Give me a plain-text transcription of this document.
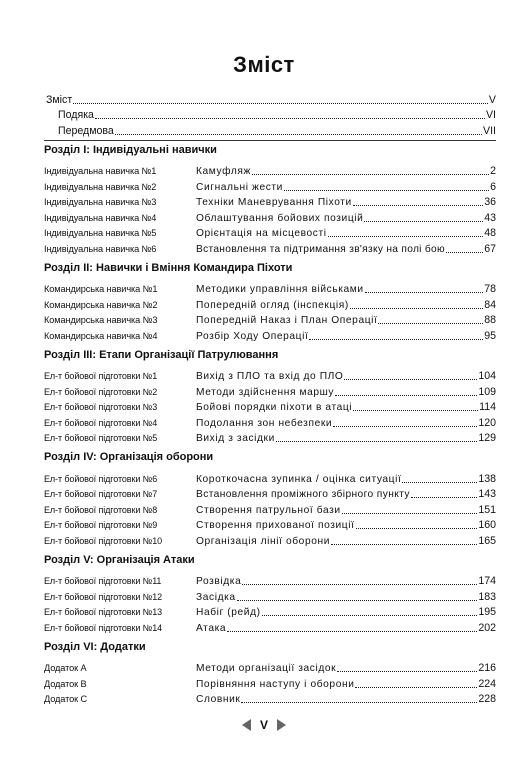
Зміст
Зміст	V
Подяка	VI
Передмова	VII
Розділ I: Індивідуальні навички
Індивідуальна навичка №1	Камуфляж	2
Індивідуальна навичка №2	Сигнальні жести	6
Індивідуальна навичка №3	Техніки Маневрування Піхоти	36
Індивідуальна навичка №4	Облаштування бойових позицій	43
Індивідуальна навичка №5	Орієнтація на місцевості	48
Індивідуальна навичка №6	Встановлення та підтримання зв'язку на полі бою	67
Розділ II: Навички і Вміння Командира Піхоти
Командирська навичка №1	Методики управління військами	78
Командирська навичка №2	Попередній огляд (інспекція)	84
Командирська навичка №3	Попередній Наказ і План Операції	88
Командирська навичка №4	Розбір Ходу Операції	95
Розділ III: Етапи Організації Патрулювання
Ел-т бойової підготовки №1	Вихід з ПЛО та вхід до ПЛО	104
Ел-т бойової підготовки №2	Методи здійснення маршу	109
Ел-т бойової підготовки №3	Бойові порядки піхоти в атаці	114
Ел-т бойової підготовки №4	Подолання зон небезпеки	120
Ел-т бойової підготовки №5	Вихід з засідки	129
Розділ IV: Організація оборони
Ел-т бойової підготовки №6	Короткочасна зупинка / оцінка ситуації	138
Ел-т бойової підготовки №7	Встановлення проміжного збірного пункту	143
Ел-т бойової підготовки №8	Створення патрульної бази	151
Ел-т бойової підготовки №9	Створення прихованої позиції	160
Ел-т бойової підготовки №10	Організація лінії оборони	165
Розділ V: Організація Атаки
Ел-т бойової підготовки №11	Розвідка	174
Ел-т бойової підготовки №12	Засідка	183
Ел-т бойової підготовки №13	Набіг (рейд)	195
Ел-т бойової підготовки №14	Атака	202
Розділ VI: Додатки
Додаток А	Методи організації засідок	216
Додаток В	Порівняння наступу і оборони	224
Додаток С	Словник	228
V
